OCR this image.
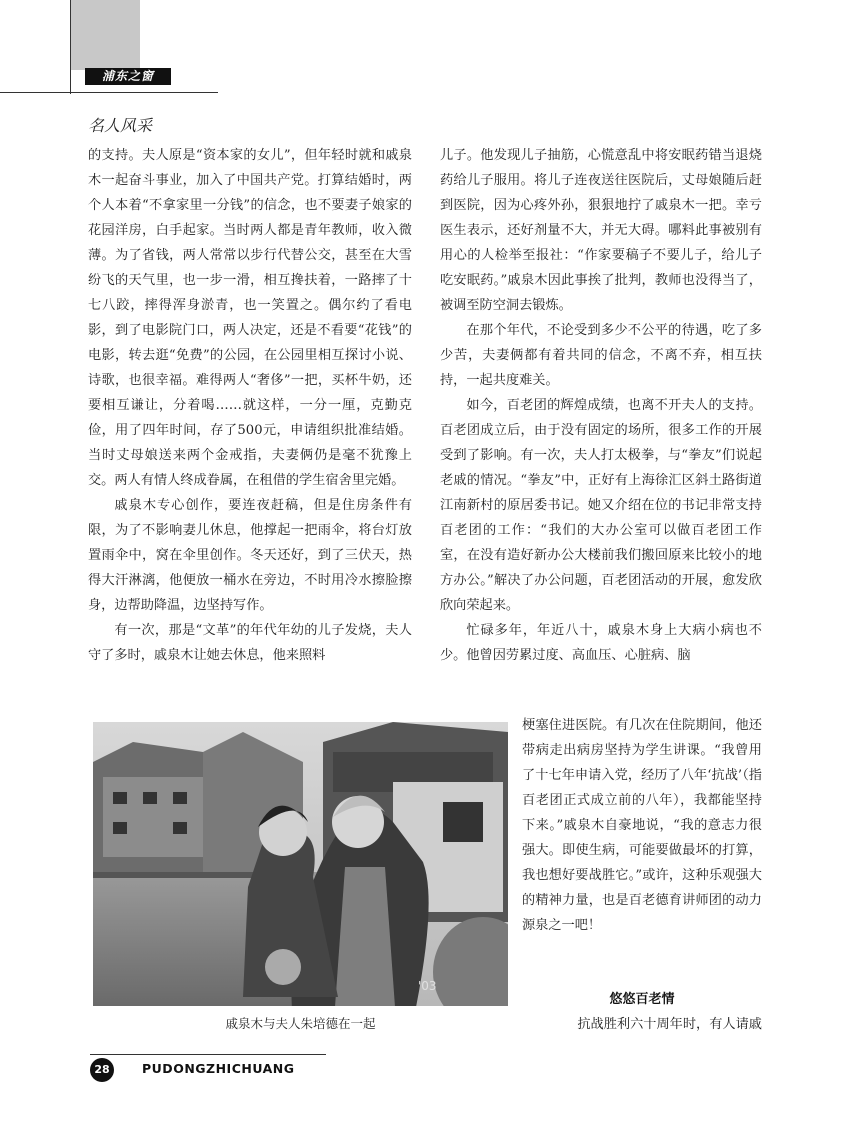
浦东之窗
名人风采

的支持。夫人原是“资本家的女儿”，但年轻时就和戚泉木一起奋斗事业，加入了中国共产党。打算结婚时，两个人本着“不拿家里一分钱”的信念，也不要妻子娘家的花园洋房，白手起家。当时两人都是青年教师，收入微薄。为了省钱，两人常常以步行代替公交，甚至在大雪纷飞的天气里，也一步一滑，相互搀扶着，一路摔了十七八跤，摔得浑身淤青，也一笑置之。偶尔约了看电影，到了电影院门口，两人决定，还是不看要“花钱”的电影，转去逛“免费”的公园，在公园里相互探讨小说、诗歌，也很幸福。难得两人“奢侈”一把，买杯牛奶，还要相互谦让，分着喝……就这样，一分一厘，克勤克俭，用了四年时间，存了500元，申请组织批准结婚。当时丈母娘送来两个金戒指，夫妻俩仍是毫不犹豫上交。两人有情人终成眷属，在租借的学生宿舍里完婚。

戚泉木专心创作，要连夜赶稿，但是住房条件有限，为了不影响妻儿休息，他撑起一把雨伞，将台灯放置雨伞中，窝在伞里创作。冬天还好，到了三伏天，热得大汗淋漓，他便放一桶水在旁边，不时用冷水擦脸擦身，边帮助降温，边坚持写作。

有一次，那是“文革”的年代年幼的儿子发烧，夫人守了多时，戚泉木让她去休息，他来照料

儿子。他发现儿子抽筋，心慌意乱中将安眠药错当退烧药给儿子服用。将儿子连夜送往医院后，丈母娘随后赶到医院，因为心疼外孙，狠狠地拧了戚泉木一把。幸亏医生表示，还好剂量不大，并无大碍。哪料此事被别有用心的人检举至报社：“作家要稿子不要儿子，给儿子吃安眠药。”戚泉木因此事挨了批判，教师也没得当了，被调至防空洞去锻炼。

在那个年代，不论受到多少不公平的待遇，吃了多少苦，夫妻俩都有着共同的信念，不离不弃，相互扶持，一起共度难关。

如今，百老团的辉煌成绩，也离不开夫人的支持。百老团成立后，由于没有固定的场所，很多工作的开展受到了影响。有一次，夫人打太极拳，与“拳友”们说起老戚的情况。“拳友”中，正好有上海徐汇区斜土路街道江南新村的原居委书记。她又介绍在位的书记非常支持百老团的工作：“我们的大办公室可以做百老团工作室，在没有造好新办公大楼前我们搬回原来比较小的地方办公。”解决了办公问题，百老团活动的开展，愈发欣欣向荣起来。

忙碌多年，年近八十，戚泉木身上大病小病也不少。他曾因劳累过度、高血压、心脏病、脑

梗塞住进医院。有几次在住院期间，他还带病走出病房坚持为学生讲课。“我曾用了十七年申请入党，经历了八年‘抗战’（指百老团正式成立前的八年），我都能坚持下来。”戚泉木自豪地说，“我的意志力很强大。即使生病，可能要做最坏的打算，我也想好要战胜它。”或许，这种乐观强大的精神力量，也是百老德育讲师团的动力源泉之一吧！

'03
戚泉木与夫人朱培德在一起
悠悠百老情
抗战胜利六十周年时，有人请戚
28	PUDONGZHICHUANG
